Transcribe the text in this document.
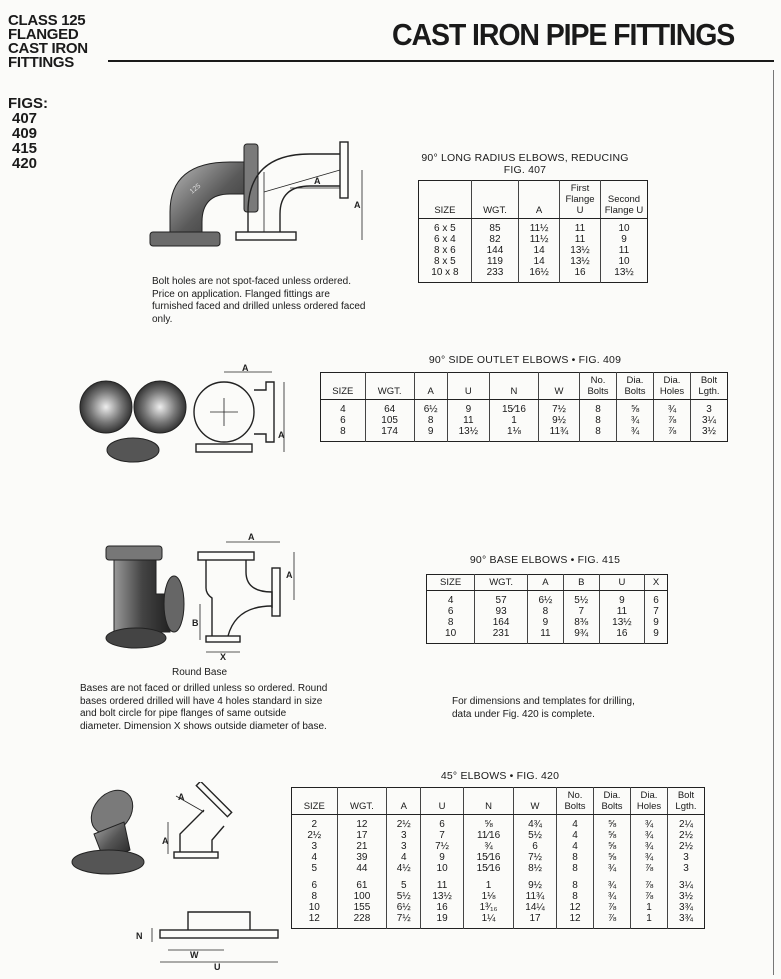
CLASS 125
FLANGED
CAST IRON
FITTINGS
FIGS:
407
409
415
420
CAST IRON PIPE FITTINGS
125
A
A
90° LONG RADIUS ELBOWS, REDUCING
FIG. 407
SIZE	WGT.	A	First Flange U	Second Flange U
6 x 5	85	11½	11	10
6 x 4	82	11½	11	9
8 x 6	144	14	13½	11
8 x 5	119	14	13½	10
10 x 8	233	16½	16	13½
Bolt holes are not spot-faced unless ordered. Price on application. Flanged fittings are furnished faced and drilled unless ordered faced only.
A
A
90° SIDE OUTLET ELBOWS • FIG. 409
SIZE	WGT.	A	U	N	W	No. Bolts	Dia. Bolts	Dia. Holes	Bolt Lgth.
4	64	6½	9	15⁄16	7½	8	⅝	¾	3
6	105	8	11	1	9½	8	¾	⅞	3¼
8	174	9	13½	1⅛	11¾	8	¾	⅞	3½
A
A
B
X
Round Base
Bases are not faced or drilled unless so ordered. Round bases ordered drilled will have 4 holes standard in size and bolt circle for pipe flanges of same outside diameter. Dimension X shows outside diameter of base.
90° BASE ELBOWS • FIG. 415
SIZE	WGT.	A	B	U	X
4	57	6½	5½	9	6
6	93	8	7	11	7
8	164	9	8⅜	13½	9
10	231	11	9¾	16	9
For dimensions and templates for drilling, data under Fig. 420 is complete.
A
A
N
W
U
45° ELBOWS • FIG. 420
SIZE	WGT.	A	U	N	W	No. Bolts	Dia. Bolts	Dia. Holes	Bolt Lgth.
2	12	2½	6	⅝	4¾	4	⅝	¾	2¼
2½	17	3	7	11⁄16	5½	4	⅝	¾	2½
3	21	3	7½	¾	6	4	⅝	¾	2½
4	39	4	9	15⁄16	7½	8	⅝	¾	3
5	44	4½	10	15⁄16	8½	8	¾	⅞	3
6	61	5	11	1	9½	8	¾	⅞	3¼
8	100	5½	13½	1⅛	11¾	8	¾	⅞	3½
10	155	6½	16	1³⁄₁₆	14¼	12	⅞	1	3¾
12	228	7½	19	1¼	17	12	⅞	1	3¾
